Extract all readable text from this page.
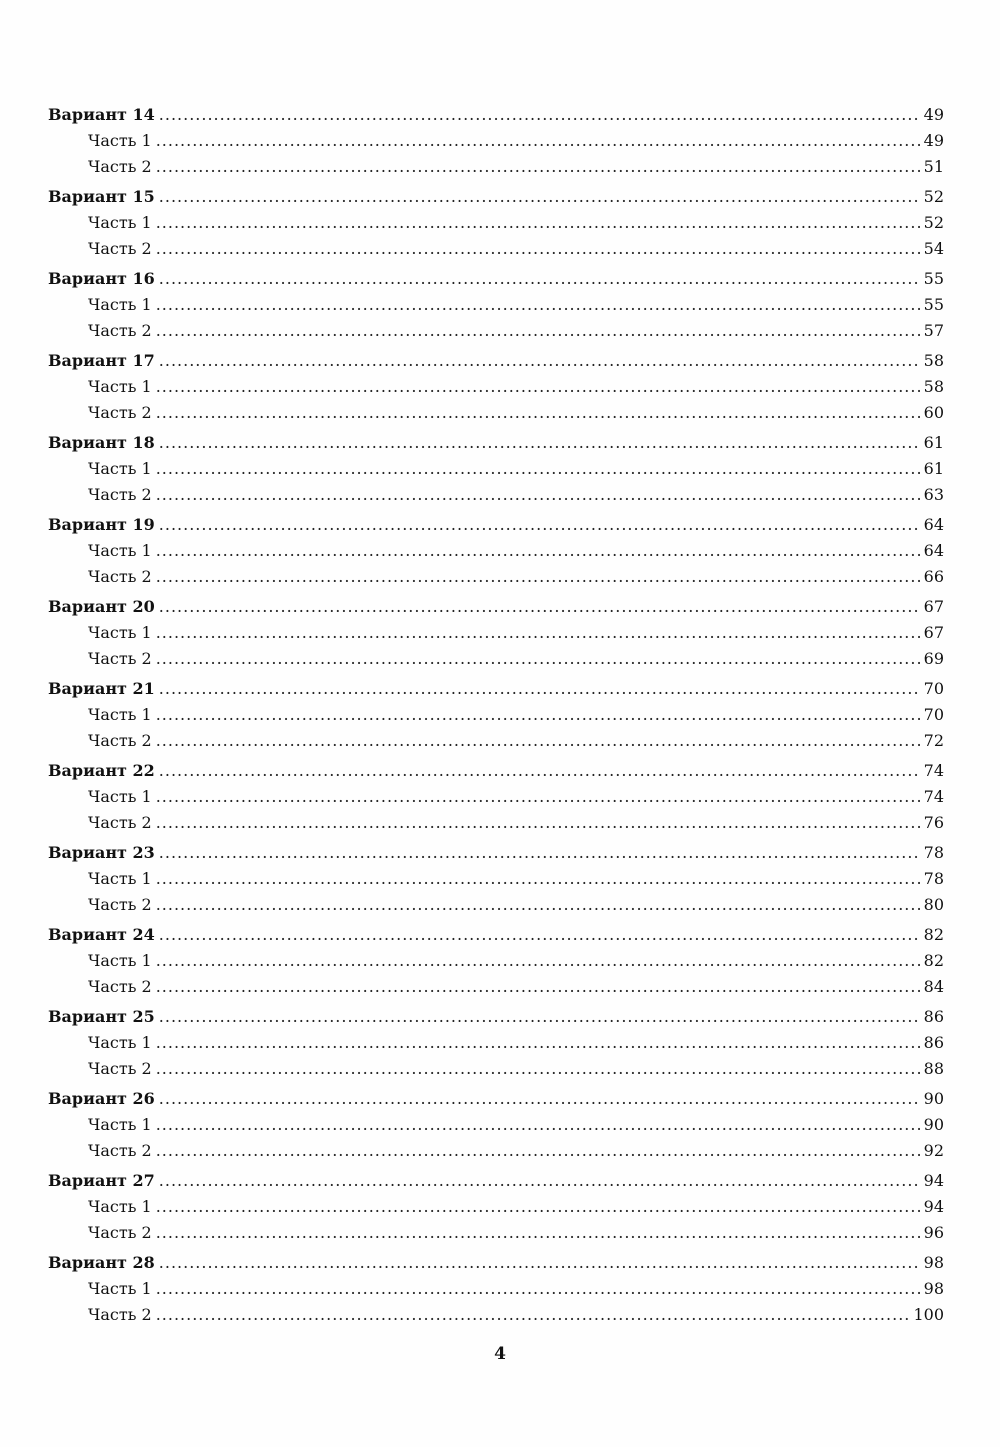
Вариант 14 .....	49
Часть 1 .....	49
Часть 2 .....	51
Вариант 15 .....	52
Часть 1 .....	52
Часть 2 .....	54
Вариант 16 .....	55
Часть 1 .....	55
Часть 2 .....	57
Вариант 17 .....	58
Часть 1 .....	58
Часть 2 .....	60
Вариант 18 .....	61
Часть 1 .....	61
Часть 2 .....	63
Вариант 19 .....	64
Часть 1 .....	64
Часть 2 .....	66
Вариант 20 .....	67
Часть 1 .....	67
Часть 2 .....	69
Вариант 21 .....	70
Часть 1 .....	70
Часть 2 .....	72
Вариант 22 .....	74
Часть 1 .....	74
Часть 2 .....	76
Вариант 23 .....	78
Часть 1 .....	78
Часть 2 .....	80
Вариант 24 .....	82
Часть 1 .....	82
Часть 2 .....	84
Вариант 25 .....	86
Часть 1 .....	86
Часть 2 .....	88
Вариант 26 .....	90
Часть 1 .....	90
Часть 2 .....	92
Вариант 27 .....	94
Часть 1 .....	94
Часть 2 .....	96
Вариант 28 .....	98
Часть 1 .....	98
Часть 2 .....	100
4
